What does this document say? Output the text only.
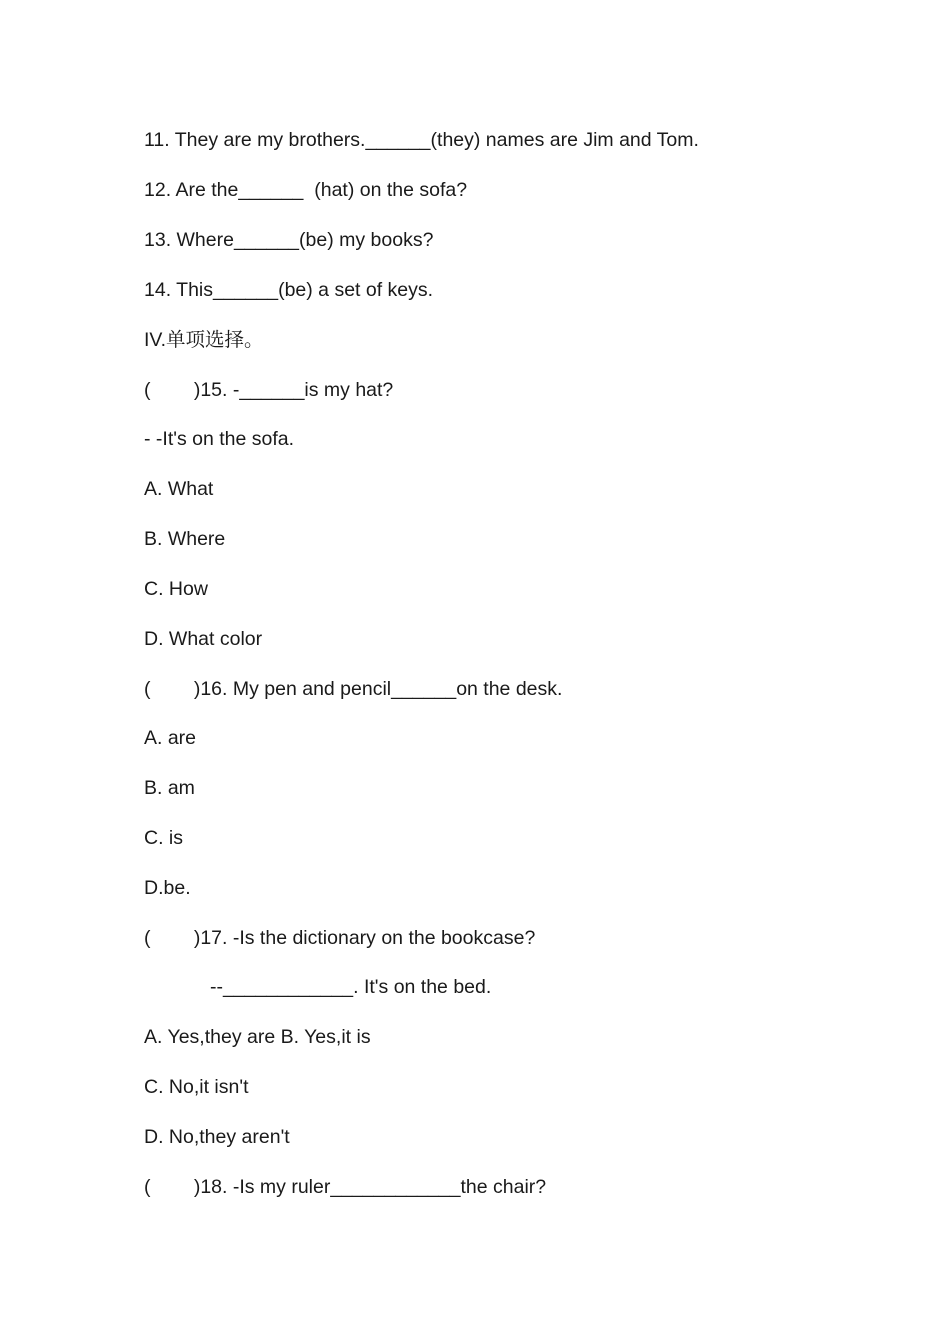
11. They are my brothers.______(they) names are Jim and Tom.
12. Are the______  (hat) on the sofa?
13. Where______(be) my books?
14. This______(be) a set of keys.
IV.单项选择。
(        )15. -______is my hat?
- -It's on the sofa.
A. What
B. Where
C. How
D. What color
(        )16. My pen and pencil______on the desk.
A. are
B. am
C. is
D.be.
(        )17. -Is the dictionary on the bookcase?
--____________. It's on the bed.
A. Yes,they are B. Yes,it is
C. No,it isn't
D. No,they aren't
(        )18. -Is my ruler____________the chair?
